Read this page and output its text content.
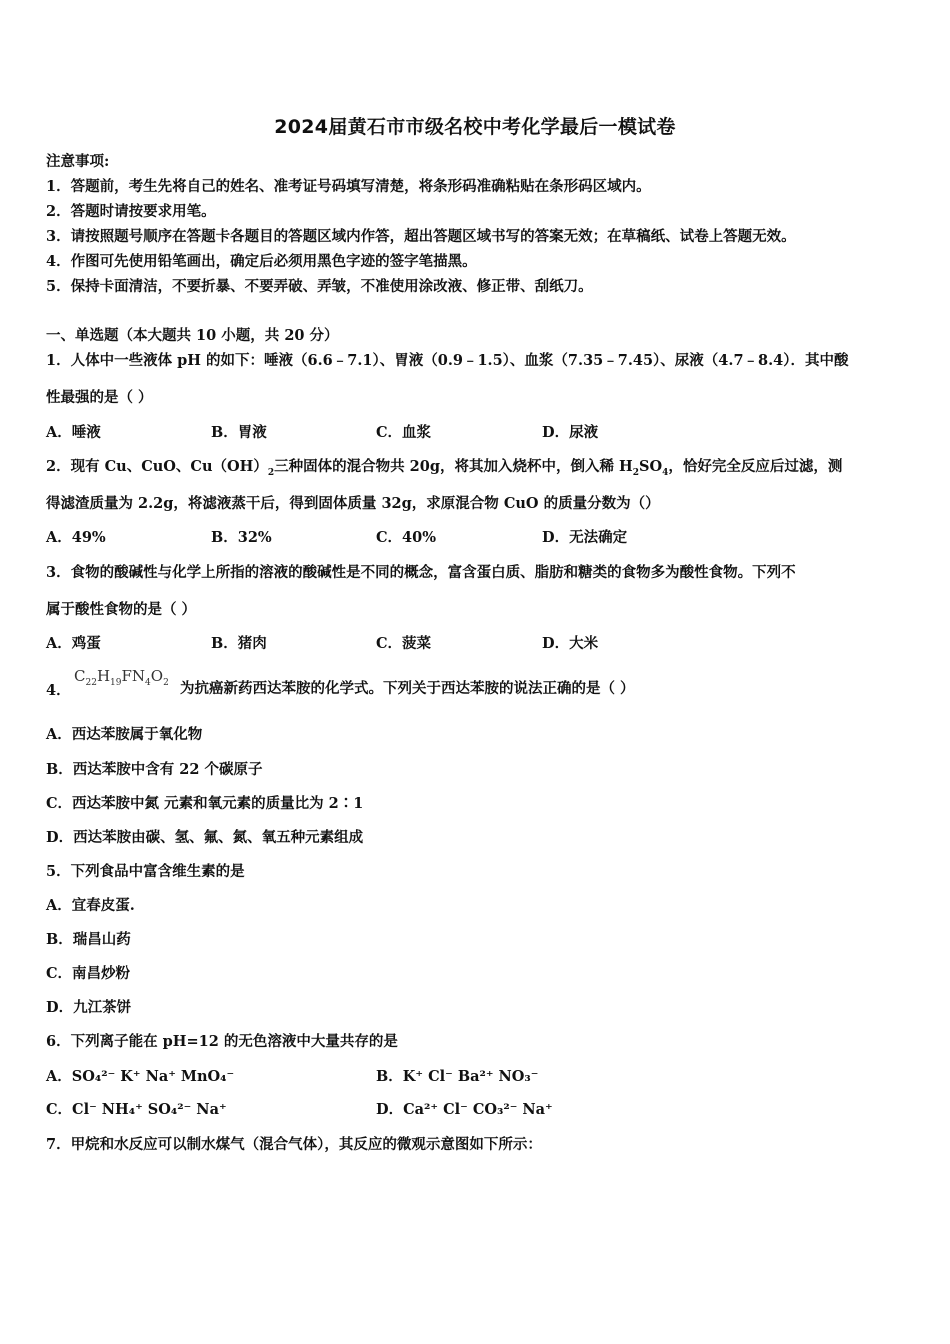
2024届黄石市市级名校中考化学最后一模试卷
注意事项:
1．答题前，考生先将自己的姓名、准考证号码填写清楚，将条形码准确粘贴在条形码区域内。
2．答题时请按要求用笔。
3．请按照题号顺序在答题卡各题目的答题区域内作答，超出答题区域书写的答案无效；在草稿纸、试卷上答题无效。
4．作图可先使用铅笔画出，确定后必须用黑色字迹的签字笔描黑。
5．保持卡面清洁，不要折暴、不要弄破、弄皱，不准使用涂改液、修正带、刮纸刀。
一、单选题（本大题共 10 小题，共 20 分）
1．人体中一些液体 pH 的如下：唾液（6.6﹣7.1）、胃液（0.9﹣1.5）、血浆（7.35﹣7.45）、尿液（4.7﹣8.4）．其中酸
性最强的是（ ）
A．唾液	B．胃液	C．血浆	D．尿液
2．现有 Cu、CuO、$Cu(OH)_2$三种固体的混合物共 20g，将其加入烧杯中，倒入稀 $H_2SO_4$，恰好完全反应后过滤，测
得滤渣质量为 2.2g，将滤液蒸干后，得到固体质量 32g，求原混合物 CuO 的质量分数为（）
A．49%	B．32%	C．40%	D．无法确定
3．食物的酸碱性与化学上所指的溶液的酸碱性是不同的概念，富含蛋白质、脂肪和糖类的食物多为酸性食物。下列不
属于酸性食物的是（ ）
A．鸡蛋	B．猪肉	C．菠菜	D．大米
4．
$C_{22}H_{19}FN_4O_2$ 为抗癌新药西达苯胺的化学式。下列关于西达苯胺的说法正确的是（ ）
A．西达苯胺属于氧化物
B．西达苯胺中含有 22 个碳原子
C．西达苯胺中氮 元素和氧元素的质量比为 2∶1
D．西达苯胺由碳、氢、氟、氮、氧五种元素组成
5．下列食品中富含维生素的是
A．宜春皮蛋.
B．瑞昌山药
C．南昌炒粉
D．九江茶饼
6．下列离子能在 pH=12 的无色溶液中大量共存的是
A．SO₄²⁻ K⁺ Na⁺ MnO₄⁻	B．K⁺ Cl⁻ Ba²⁺ NO₃⁻
C．Cl⁻ NH₄⁺ SO₄²⁻ Na⁺	D．Ca²⁺ Cl⁻ CO₃²⁻ Na⁺
7．甲烷和水反应可以制水煤气（混合气体），其反应的微观示意图如下所示：
